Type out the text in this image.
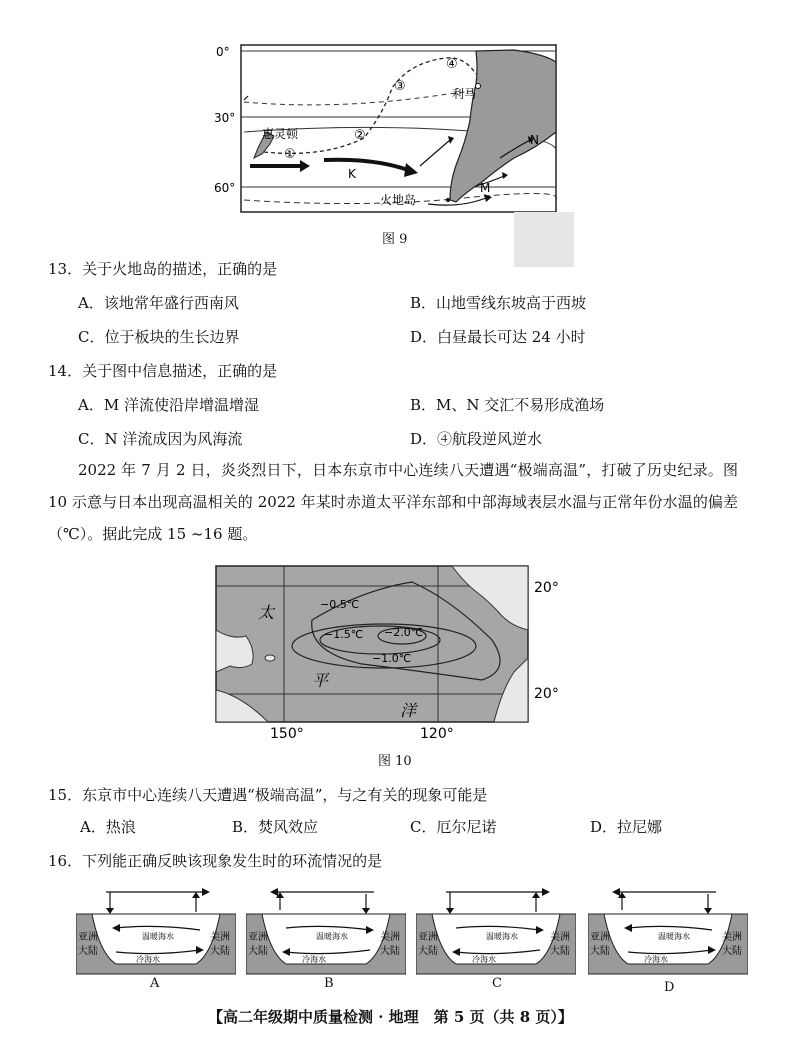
0°
30°
60°
利马
惠灵顿
火地岛
K
M
N
①
②
③
④
图 9
13．关于火地岛的描述，正确的是
A．该地常年盛行西南风	B．山地雪线东坡高于西坡
C．位于板块的生长边界	D．白昼最长可达 24 小时
14．关于图中信息描述，正确的是
A．M 洋流使沿岸增温增湿	B．M、N 交汇不易形成渔场
C．N 洋流成因为风海流	D．④航段逆风逆水
2022 年 7 月 2 日，炎炎烈日下，日本东京市中心连续八天遭遇“极端高温”，打破了历史纪录。图 10 示意与日本出现高温相关的 2022 年某时赤道太平洋东部和中部海域表层水温与正常年份水温的偏差（℃）。据此完成 15 ~16 题。
−0.5℃
−1.5℃ −2.0℃
−1.0℃
太
平
洋
20°
20°
150°	120°
图 10
15．东京市中心连续八天遭遇“极端高温”，与之有关的现象可能是
A．热浪	B．焚风效应	C．厄尔尼诺	D．拉尼娜
16．下列能正确反映该现象发生时的环流情况的是
亚洲
大陆
美洲
大陆
温暖海水
冷海水
A
亚洲
大陆
美洲
大陆
温暖海水
冷海水
B
亚洲
大陆
美洲
大陆
温暖海水
冷海水
C
亚洲
大陆
美洲
大陆
温暖海水
冷海水
D
【高二年级期中质量检测 · 地理　第 5 页（共 8 页）】
